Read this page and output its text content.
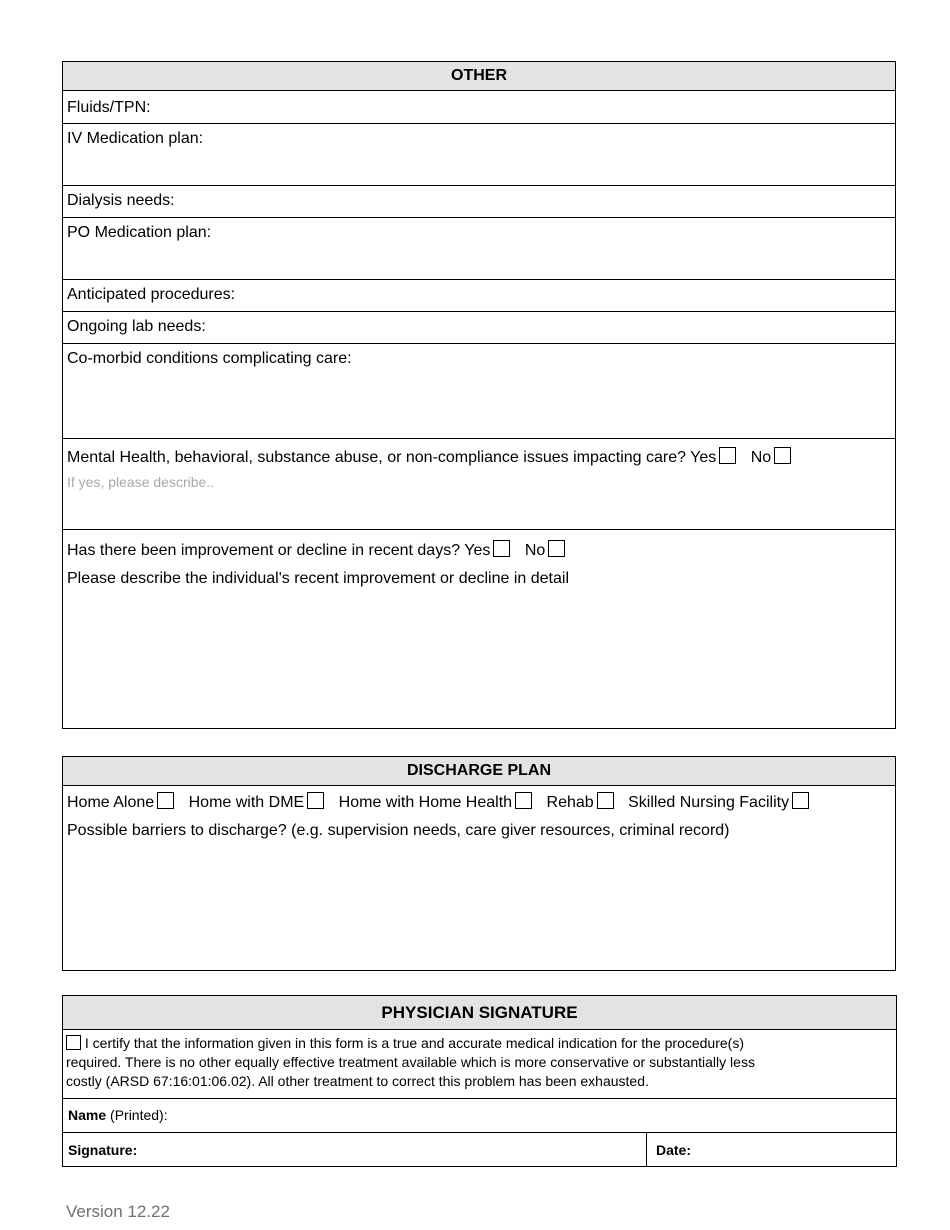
OTHER
Fluids/TPN:
IV Medication plan:
Dialysis needs:
PO Medication plan:
Anticipated procedures:
Ongoing lab needs:
Co-morbid conditions complicating care:
Mental Health, behavioral, substance abuse, or non-compliance issues impacting care? Yes No
If yes, please describe..
Has there been improvement or decline in recent days? Yes No
Please describe the individual's recent improvement or decline in detail
DISCHARGE PLAN
Home Alone Home with DME Home with Home Health Rehab Skilled Nursing Facility
Possible barriers to discharge? (e.g. supervision needs, care giver resources, criminal record)
PHYSICIAN SIGNATURE
I certify that the information given in this form is a true and accurate medical indication for the procedure(s)
required. There is no other equally effective treatment available which is more conservative or substantially less
costly (ARSD 67:16:01:06.02). All other treatment to correct this problem has been exhausted.
Name (Printed):
Signature:	Date:
Version 12.22
